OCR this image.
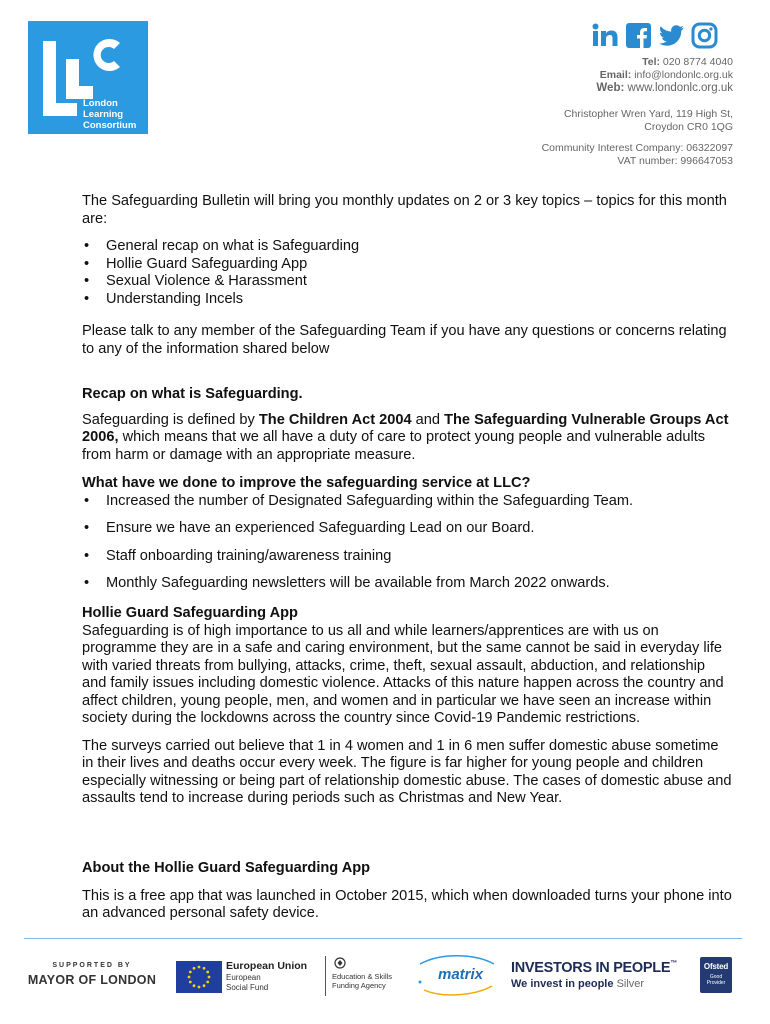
London
Learning
Consortium
Tel: 020 8774 4040
Email: info@londonlc.org.uk
Web: www.londonlc.org.uk
Christopher Wren Yard, 119 High St,
Croydon CR0 1QG
Community Interest Company: 06322097
VAT number: 996647053

The Safeguarding Bulletin will bring you monthly updates on 2 or 3 key topics – topics for this month are:

• General recap on what is Safeguarding
• Hollie Guard Safeguarding App
• Sexual Violence & Harassment
• Understanding Incels

Please talk to any member of the Safeguarding Team if you have any questions or concerns relating to any of the information shared below

Recap on what is Safeguarding.

Safeguarding is defined by The Children Act 2004 and The Safeguarding Vulnerable Groups Act 2006, which means that we all have a duty of care to protect young people and vulnerable adults from harm or damage with an appropriate measure.

What have we done to improve the safeguarding service at LLC?
• Increased the number of Designated Safeguarding within the Safeguarding Team.
• Ensure we have an experienced Safeguarding Lead on our Board.
• Staff onboarding training/awareness training
• Monthly Safeguarding newsletters will be available from March 2022 onwards.
Hollie Guard Safeguarding App

Safeguarding is of high importance to us all and while learners/apprentices are with us on programme they are in a safe and caring environment, but the same cannot be said in everyday life with varied threats from bullying, attacks, crime, theft, sexual assault, abduction, and relationship and family issues including domestic violence. Attacks of this nature happen across the country and affect children, young people, men, and women and in particular we have seen an increase within society during the lockdowns across the country since Covid-19 Pandemic restrictions.

The surveys carried out believe that 1 in 4 women and 1 in 6 men suffer domestic abuse sometime in their lives and deaths occur every week. The figure is far higher for young people and children especially witnessing or being part of relationship domestic abuse. The cases of domestic abuse and assaults tend to increase during periods such as Christmas and New Year.

About the Hollie Guard Safeguarding App

This is a free app that was launched in October 2015, which when downloaded turns your phone into an advanced personal safety device.

SUPPORTED BY
MAYOR OF LONDON
European Union
European
Social Fund
Education & Skills
Funding Agency
matrix INVESTORS IN PEOPLE™
We invest in people Silver
Ofsted
Good
Provider
